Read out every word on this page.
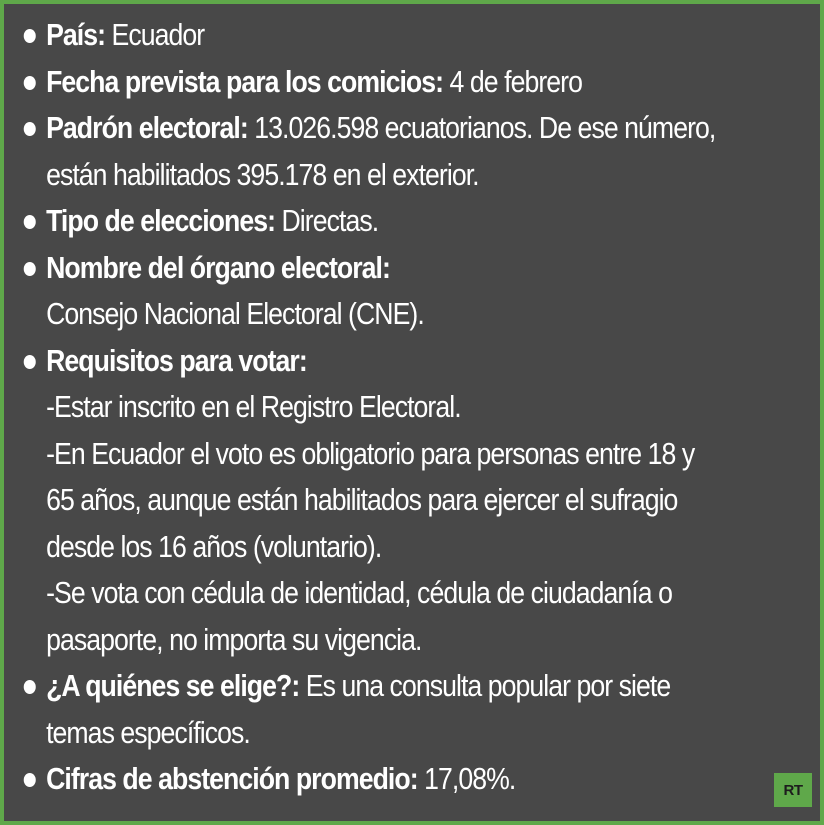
País: Ecuador
Fecha prevista para los comicios: 4 de febrero
Padrón electoral: 13.026.598 ecuatorianos. De ese número,
están habilitados 395.178 en el exterior.
Tipo de elecciones: Directas.
Nombre del órgano electoral:
Consejo Nacional Electoral (CNE).
Requisitos para votar:
-Estar inscrito en el Registro Electoral.
-En Ecuador el voto es obligatorio para personas entre 18 y
65 años, aunque están habilitados para ejercer el sufragio
desde los 16 años (voluntario).
-Se vota con cédula de identidad, cédula de ciudadanía o
pasaporte, no importa su vigencia.
¿A quiénes se elige?: Es una consulta popular por siete
temas específicos.
Cifras de abstención promedio: 17,08%.	RT
